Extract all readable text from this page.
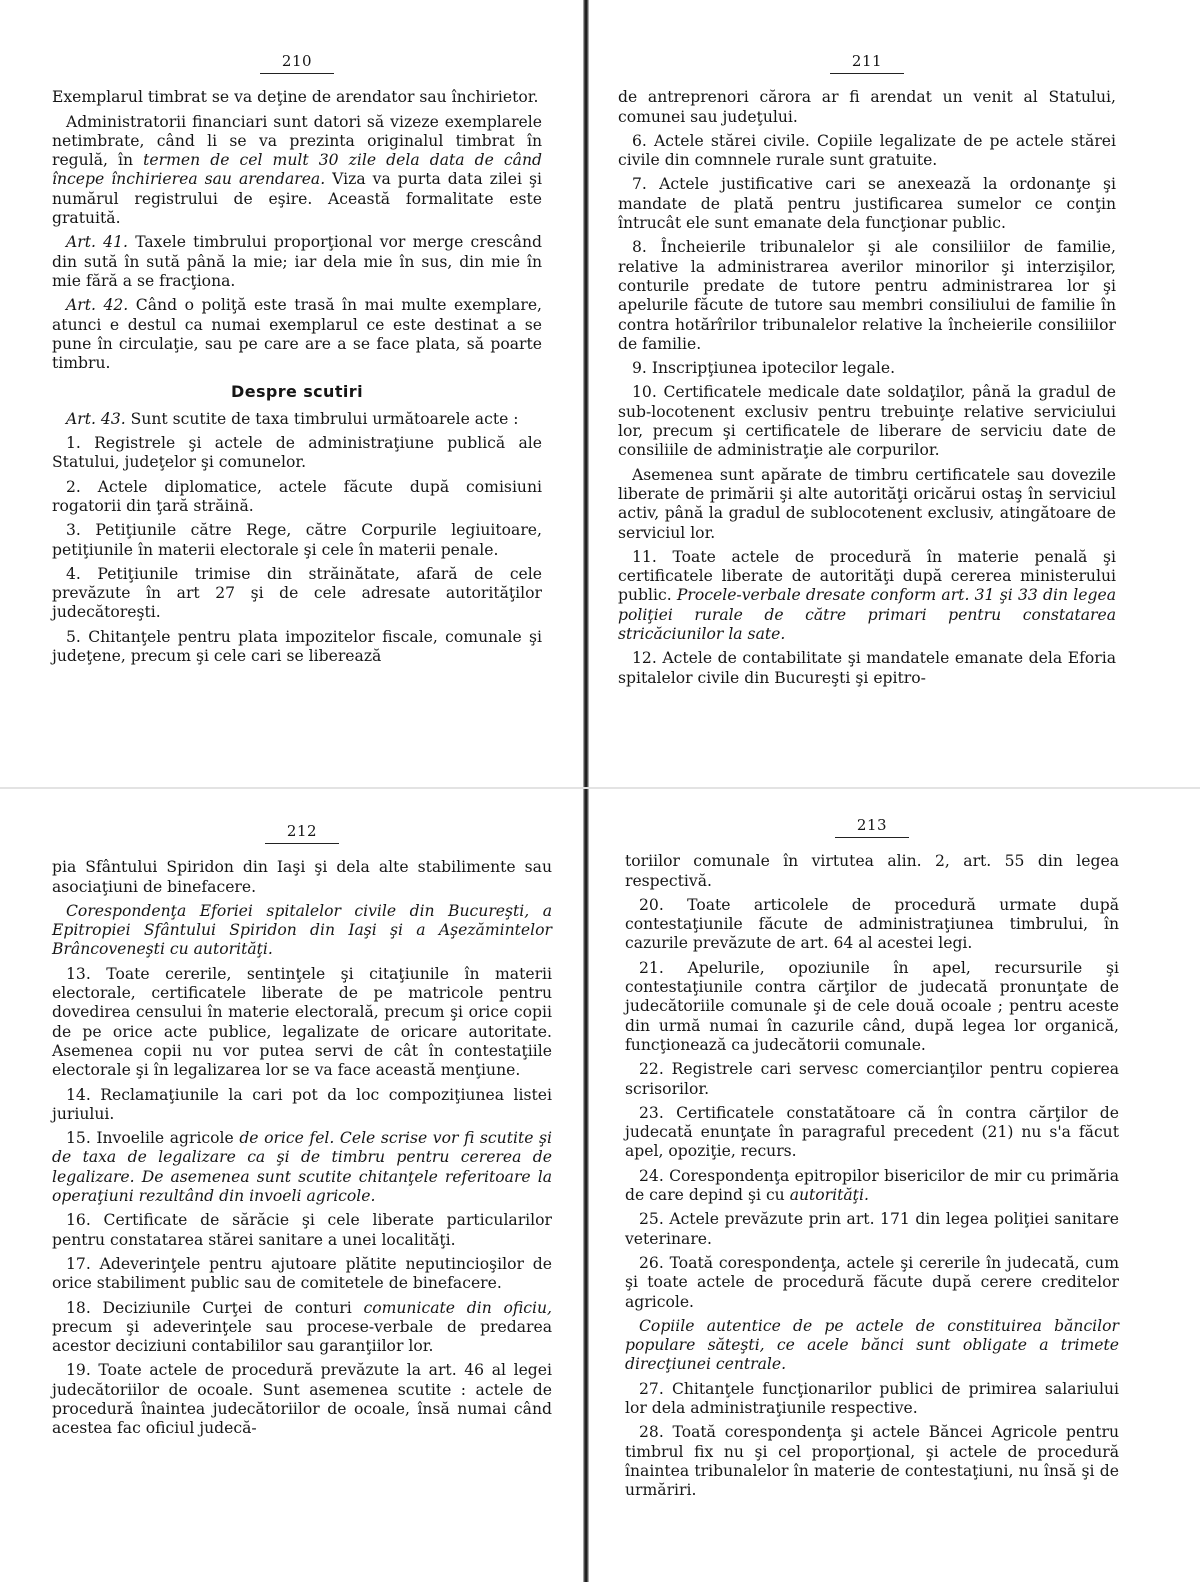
210

Exemplarul timbrat se va deţine de arendator sau închirietor.

Administratorii financiari sunt datori să vizeze exemplarele netimbrate, când li se va prezinta originalul timbrat în regulă, în termen de cel mult 30 zile dela data de când începe închirierea sau arendarea. Viza va purta data zilei şi numărul registrului de eşire. Această formalitate este gratuită.

Art. 41. Taxele timbrului proporţional vor merge crescând din sută în sută până la mie; iar dela mie în sus, din mie în mie fără a se fracţiona.

Art. 42. Când o poliţă este trasă în mai multe exemplare, atunci e destul ca numai exemplarul ce este destinat a se pune în circulaţie, sau pe care are a se face plata, să poarte timbru.

Despre scutiri

Art. 43. Sunt scutite de taxa timbrului următoarele acte :

1. Registrele şi actele de administraţiune publică ale Statului, judeţelor şi comunelor.

2. Actele diplomatice, actele făcute după comisiuni rogatorii din ţară străină.

3. Petiţiunile către Rege, către Corpurile legiuitoare, petiţiunile în materii electorale şi cele în materii penale.

4. Petiţiunile trimise din străinătate, afară de cele prevăzute în art 27 şi de cele adresate autorităţilor judecătoreşti.

5. Chitanţele pentru plata impozitelor fiscale, comunale şi judeţene, precum şi cele cari se liberează

211

de antreprenori cărora ar fi arendat un venit al Statului, comunei sau judeţului.

6. Actele stărei civile. Copiile legalizate de pe actele stărei civile din comnnele rurale sunt gratuite.

7. Actele justificative cari se anexează la ordonanţe şi mandate de plată pentru justificarea sumelor ce conţin întrucât ele sunt emanate dela funcţionar public.

8. Încheierile tribunalelor şi ale consiliilor de familie, relative la administrarea averilor minorilor şi interzişilor, conturile predate de tutore pentru administrarea lor şi apelurile făcute de tutore sau membri consiliului de familie în contra hotărîrilor tribunalelor relative la încheierile consiliilor de familie.

9. Inscripţiunea ipotecilor legale.

10. Certificatele medicale date soldaţilor, până la gradul de sub-locotenent exclusiv pentru trebuinţe relative serviciului lor, precum şi certificatele de liberare de serviciu date de consiliile de administraţie ale corpurilor.

Asemenea sunt apărate de timbru certificatele sau dovezile liberate de primării şi alte autorităţi oricărui ostaş în serviciul activ, până la gradul de sublocotenent exclusiv, atingătoare de serviciul lor.

11. Toate actele de procedură în materie penală şi certificatele liberate de autorităţi după cererea ministerului public. Procele-verbale dresate conform art. 31 şi 33 din legea poliţiei rurale de către primari pentru constatarea stricăciunilor la sate.

12. Actele de contabilitate şi mandatele emanate dela Eforia spitalelor civile din Bucureşti şi epitro-

212

pia Sfântului Spiridon din Iaşi şi dela alte stabilimente sau asociaţiuni de binefacere.

Corespondenţa Eforiei spitalelor civile din Bucureşti, a Epitropiei Sfântului Spiridon din Iaşi şi a Aşezămintelor Brâncoveneşti cu autorităţi.

13. Toate cererile, sentinţele şi citaţiunile în materii electorale, certificatele liberate de pe matricole pentru dovedirea censului în materie electorală, precum şi orice copii de pe orice acte publice, legalizate de oricare autoritate. Asemenea copii nu vor putea servi de cât în contestaţiile electorale şi în legalizarea lor se va face această menţiune.

14. Reclamaţiunile la cari pot da loc compoziţiunea listei juriului.

15. Invoelile agricole de orice fel. Cele scrise vor fi scutite şi de taxa de legalizare ca şi de timbru pentru cererea de legalizare. De asemenea sunt scutite chitanţele referitoare la operaţiuni rezultând din invoeli agricole.

16. Certificate de sărăcie şi cele liberate particularilor pentru constatarea stărei sanitare a unei localităţi.

17. Adeverinţele pentru ajutoare plătite neputincioşilor de orice stabiliment public sau de comitetele de binefacere.

18. Deciziunile Curţei de conturi comunicate din oficiu, precum şi adeverinţele sau procese-verbale de predarea acestor deciziuni contabililor sau garanţiilor lor.

19. Toate actele de procedură prevăzute la art. 46 al legei judecătoriilor de ocoale. Sunt asemenea scutite : actele de procedură înaintea judecătoriilor de ocoale, însă numai când acestea fac oficiul judecă-

213

toriilor comunale în virtutea alin. 2, art. 55 din legea respectivă.

20. Toate articolele de procedură urmate după contestaţiunile făcute de administraţiunea timbrului, în cazurile prevăzute de art. 64 al acestei legi.

21. Apelurile, opoziunile în apel, recursurile şi contestaţiunile contra cărţilor de judecată pronunţate de judecătoriile comunale şi de cele două ocoale ; pentru aceste din urmă numai în cazurile când, după legea lor organică, funcţionează ca judecătorii comunale.

22. Registrele cari servesc comercianţilor pentru copierea scrisorilor.

23. Certificatele constatătoare că în contra cărţilor de judecată enunţate în paragraful precedent (21) nu s'a făcut apel, opoziţie, recurs.

24. Corespondenţa epitropilor bisericilor de mir cu primăria de care depind şi cu autorităţi.

25. Actele prevăzute prin art. 171 din legea poliţiei sanitare veterinare.

26. Toată corespondenţa, actele şi cererile în judecată, cum şi toate actele de procedură făcute după cerere creditelor agricole.

Copiile autentice de pe actele de constituirea băncilor populare săteşti, ce acele bănci sunt obligate a trimete direcţiunei centrale.

27. Chitanţele funcţionarilor publici de primirea salariului lor dela administraţiunile respective.

28. Toată corespondenţa şi actele Băncei Agricole pentru timbrul fix nu şi cel proporţional, şi actele de procedură înaintea tribunalelor în materie de contestaţiuni, nu însă şi de urmăriri.
